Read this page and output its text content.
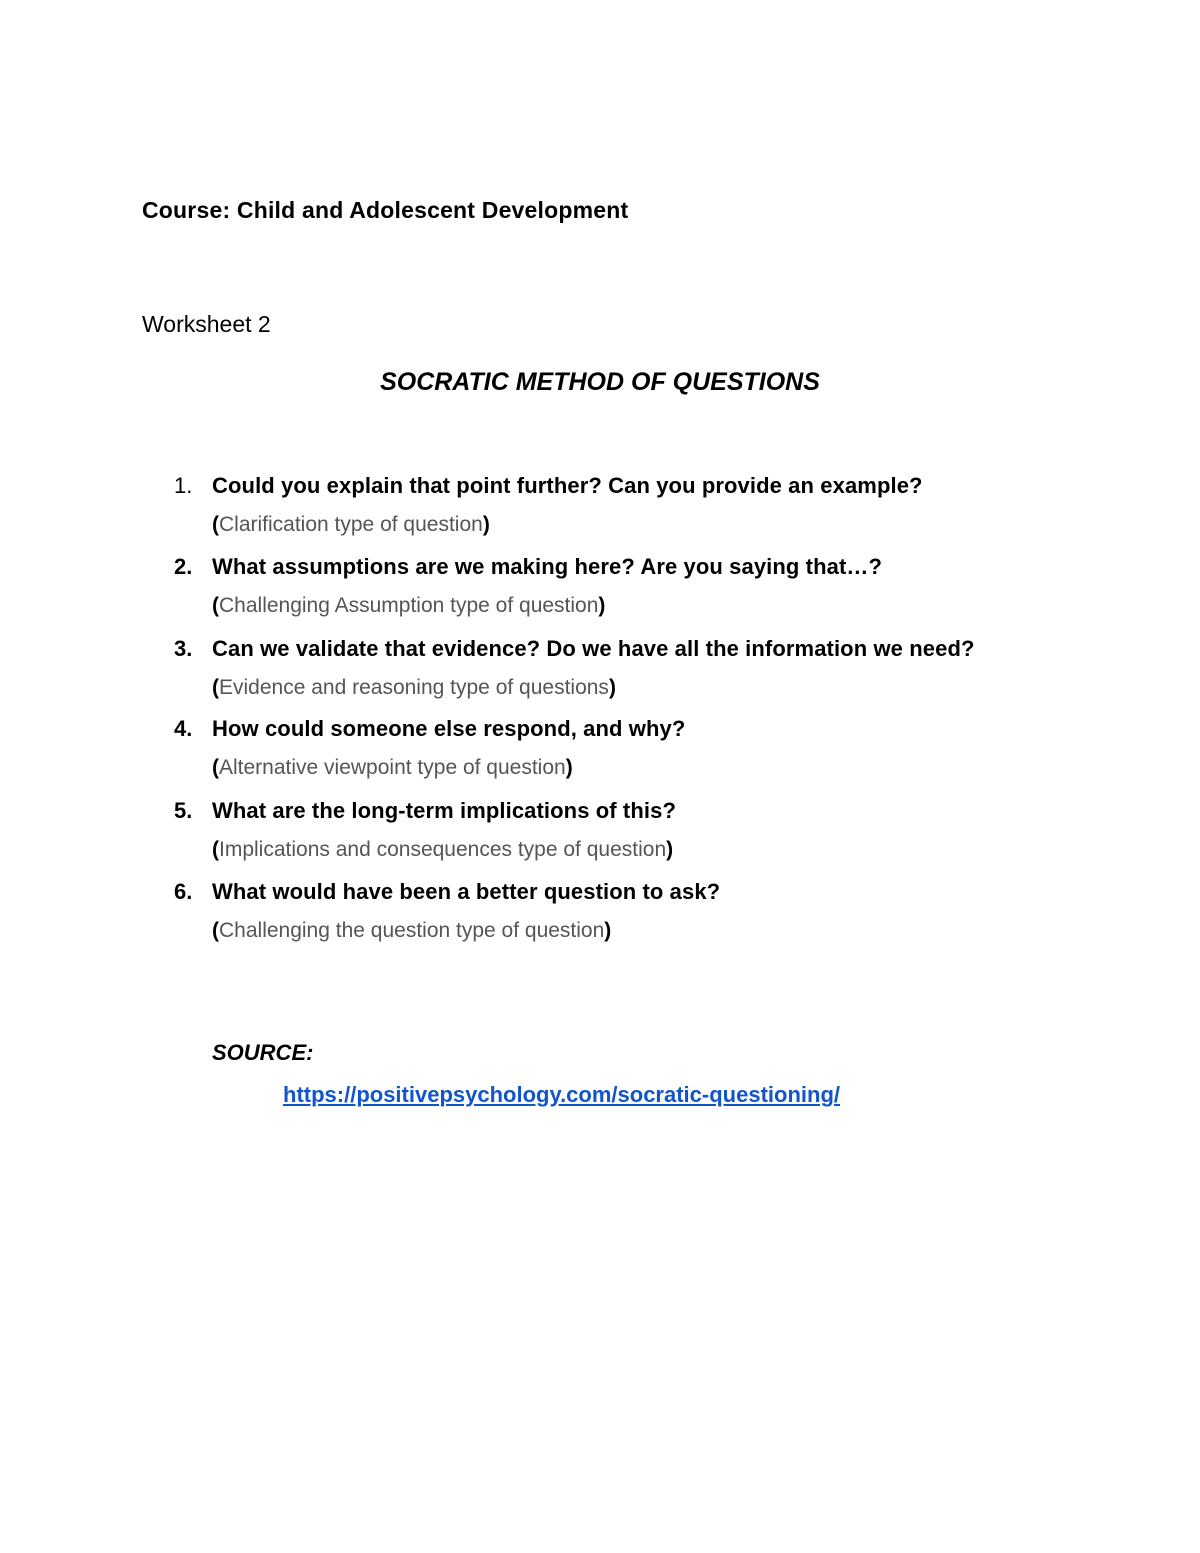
Course: Child and Adolescent Development
Worksheet 2
SOCRATIC METHOD OF QUESTIONS
1. Could you explain that point further? Can you provide an example?
(Clarification type of question)
2. What assumptions are we making here? Are you saying that…?
(Challenging Assumption type of question)
3. Can we validate that evidence? Do we have all the information we need?
(Evidence and reasoning type of questions)
4. How could someone else respond, and why?
(Alternative viewpoint type of question)
5. What are the long-term implications of this?
(Implications and consequences type of question)
6. What would have been a better question to ask?
(Challenging the question type of question)
SOURCE:
https://positivepsychology.com/socratic-questioning/
